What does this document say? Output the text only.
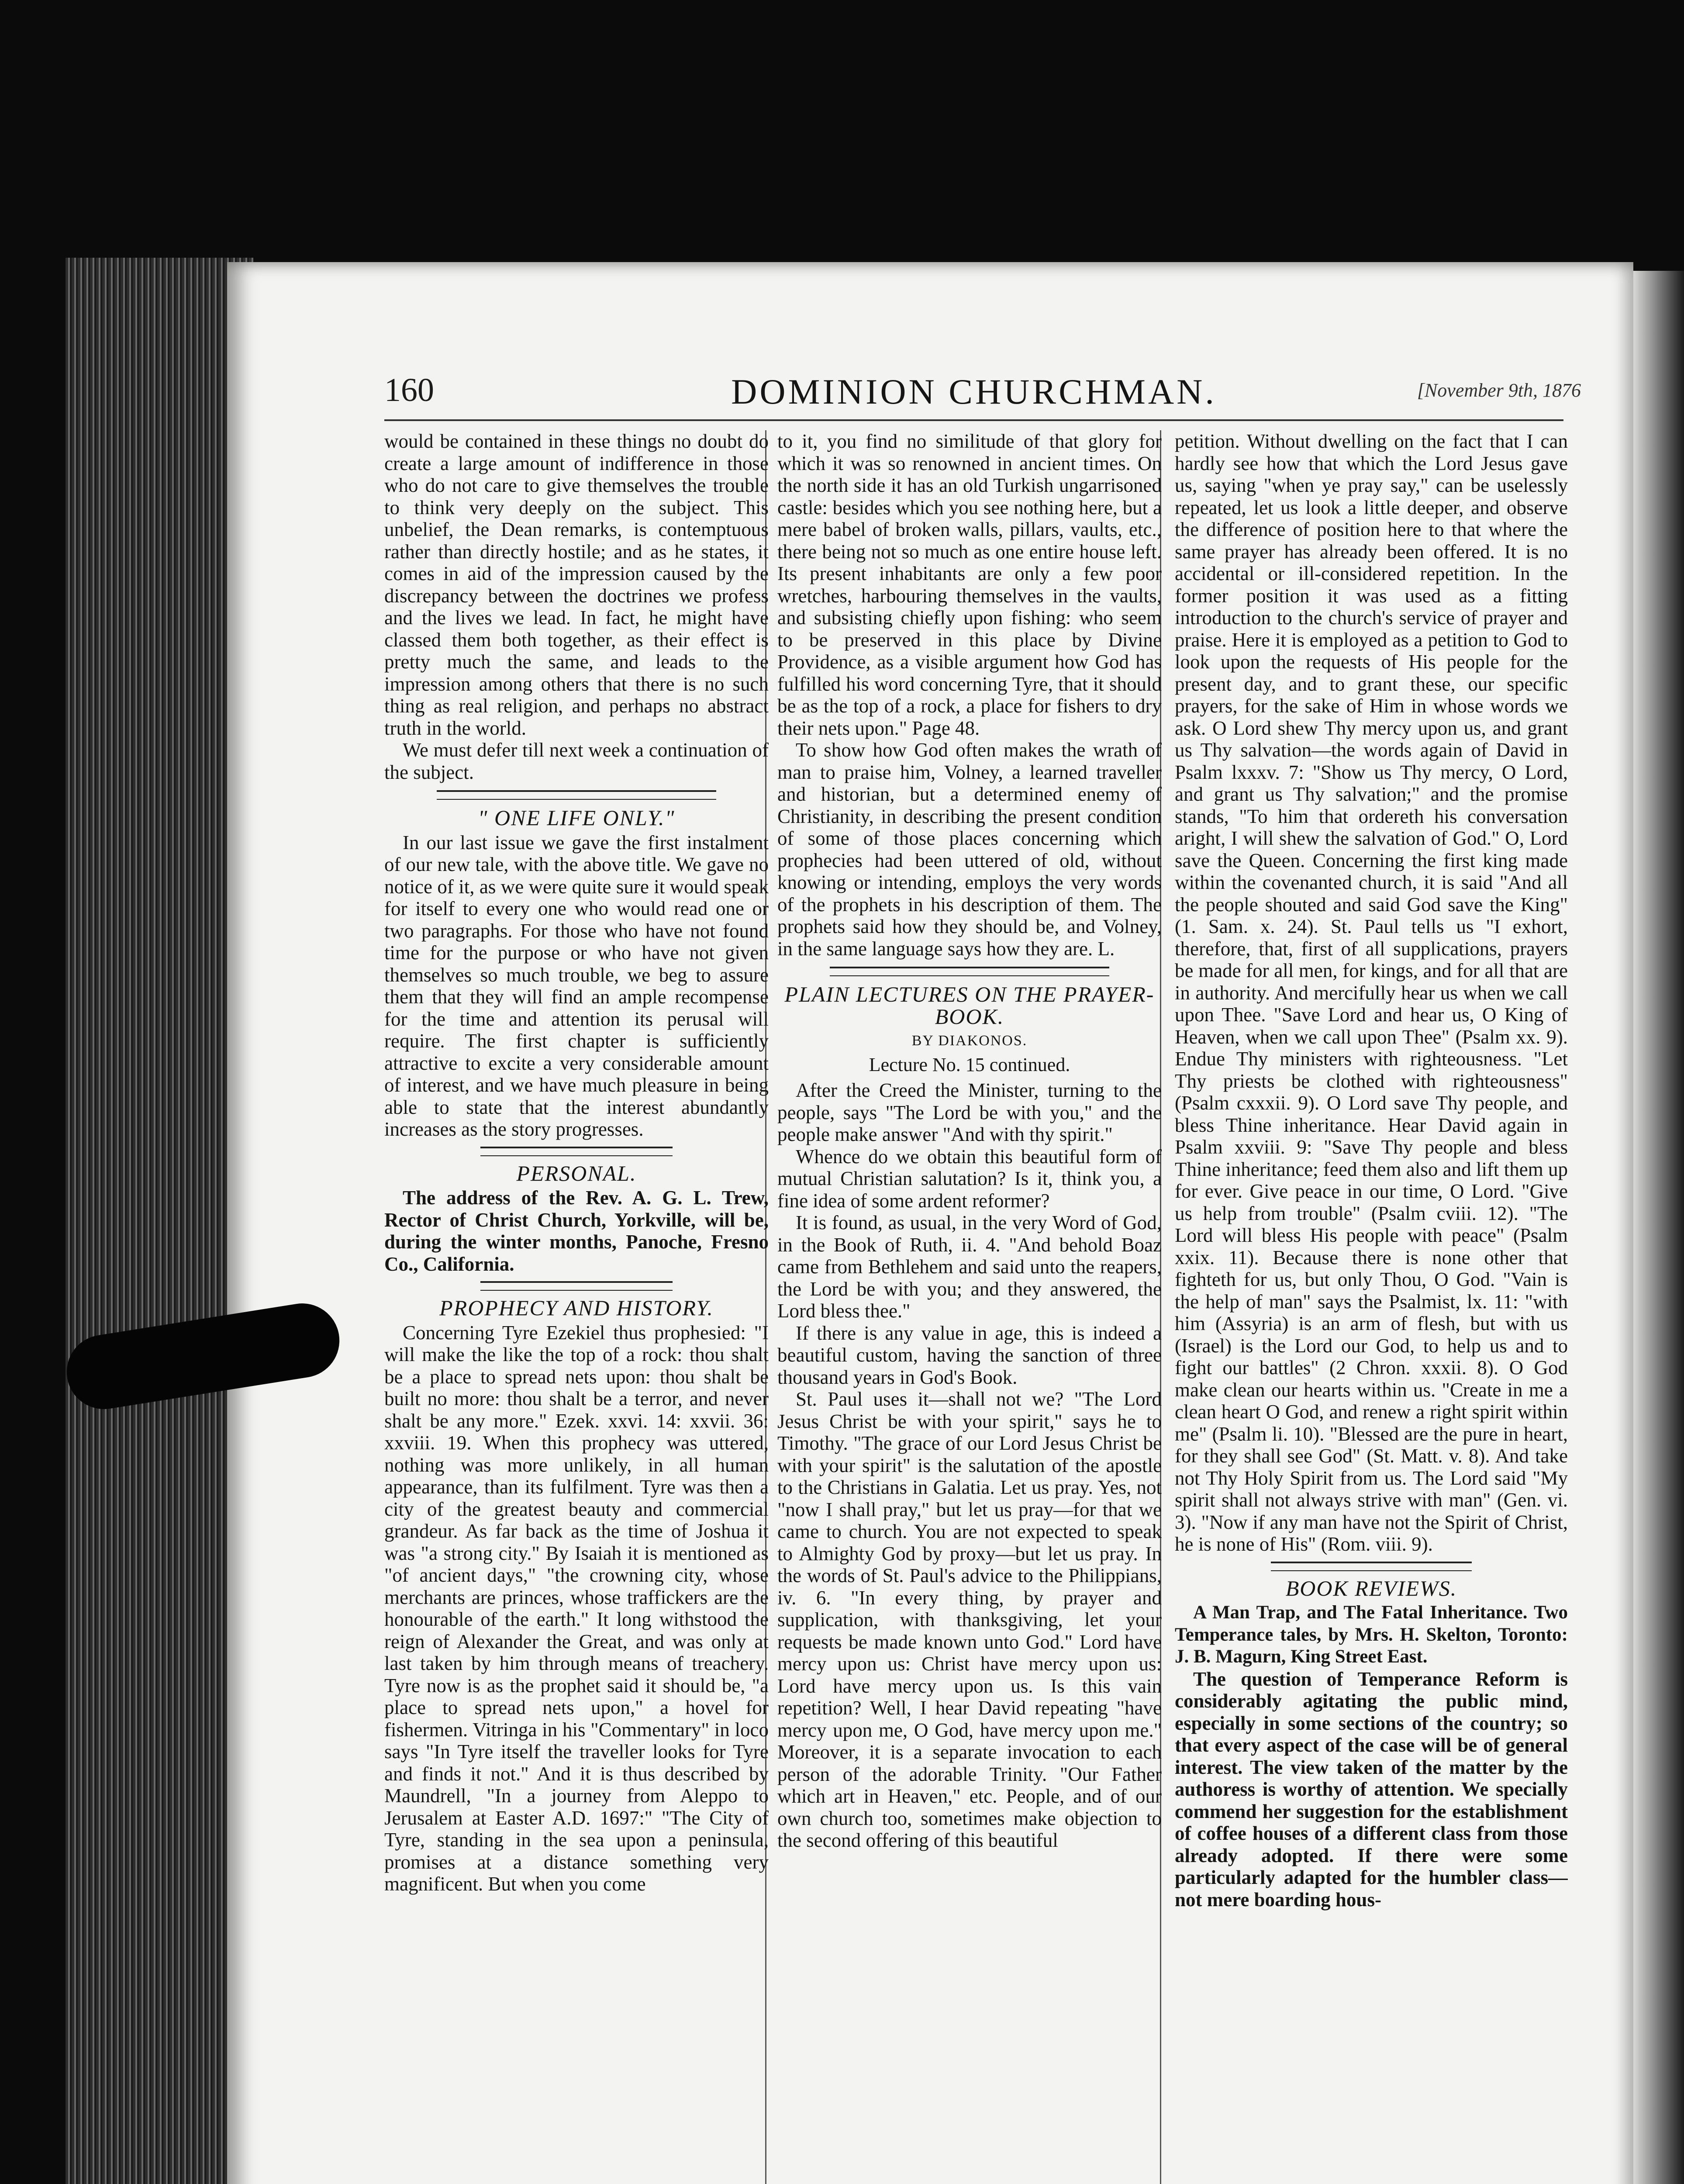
160	DOMINION CHURCHMAN.	[November 9th, 1876

would be contained in these things no doubt do create a large amount of indifference in those who do not care to give themselves the trouble to think very deeply on the subject. This unbelief, the Dean remarks, is contemptuous rather than directly hostile; and as he states, it comes in aid of the impression caused by the discrepancy between the doctrines we profess and the lives we lead. In fact, he might have classed them both together, as their effect is pretty much the same, and leads to the impression among others that there is no such thing as real religion, and perhaps no abstract truth in the world.

We must defer till next week a continuation of the subject.

" ONE LIFE ONLY."

In our last issue we gave the first instalment of our new tale, with the above title. We gave no notice of it, as we were quite sure it would speak for itself to every one who would read one or two paragraphs. For those who have not found time for the purpose or who have not given themselves so much trouble, we beg to assure them that they will find an ample recompense for the time and attention its perusal will require. The first chapter is sufficiently attractive to excite a very considerable amount of interest, and we have much pleasure in being able to state that the interest abundantly increases as the story progresses.

PERSONAL.

The address of the Rev. A. G. L. Trew, Rector of Christ Church, Yorkville, will be, during the winter months, Panoche, Fresno Co., California.

PROPHECY AND HISTORY.

Concerning Tyre Ezekiel thus prophesied: "I will make the like the top of a rock: thou shalt be a place to spread nets upon: thou shalt be built no more: thou shalt be a terror, and never shalt be any more." Ezek. xxvi. 14: xxvii. 36: xxviii. 19. When this prophecy was uttered, nothing was more unlikely, in all human appearance, than its fulfilment. Tyre was then a city of the greatest beauty and commercial grandeur. As far back as the time of Joshua it was "a strong city." By Isaiah it is mentioned as "of ancient days," "the crowning city, whose merchants are princes, whose traffickers are the honourable of the earth." It long withstood the reign of Alexander the Great, and was only at last taken by him through means of treachery. Tyre now is as the prophet said it should be, "a place to spread nets upon," a hovel for fishermen. Vitringa in his "Commentary" in loco says "In Tyre itself the traveller looks for Tyre and finds it not." And it is thus described by Maundrell, "In a journey from Aleppo to Jerusalem at Easter A.D. 1697:" "The City of Tyre, standing in the sea upon a peninsula, promises at a distance something very magnificent. But when you come

to it, you find no similitude of that glory for which it was so renowned in ancient times. On the north side it has an old Turkish ungarrisoned castle: besides which you see nothing here, but a mere babel of broken walls, pillars, vaults, etc., there being not so much as one entire house left. Its present inhabitants are only a few poor wretches, harbouring themselves in the vaults, and subsisting chiefly upon fishing: who seem to be preserved in this place by Divine Providence, as a visible argument how God has fulfilled his word concerning Tyre, that it should be as the top of a rock, a place for fishers to dry their nets upon." Page 48.

To show how God often makes the wrath of man to praise him, Volney, a learned traveller and historian, but a determined enemy of Christianity, in describing the present condition of some of those places concerning which prophecies had been uttered of old, without knowing or intending, employs the very words of the prophets in his description of them. The prophets said how they should be, and Volney, in the same language says how they are. L.

PLAIN LECTURES ON THE PRAYER-BOOK.
BY DIAKONOS.
Lecture No. 15 continued.

After the Creed the Minister, turning to the people, says "The Lord be with you," and the people make answer "And with thy spirit."

Whence do we obtain this beautiful form of mutual Christian salutation? Is it, think you, a fine idea of some ardent reformer?

It is found, as usual, in the very Word of God, in the Book of Ruth, ii. 4. "And behold Boaz came from Bethlehem and said unto the reapers, the Lord be with you; and they answered, the Lord bless thee."

If there is any value in age, this is indeed a beautiful custom, having the sanction of three thousand years in God's Book.

St. Paul uses it—shall not we? "The Lord Jesus Christ be with your spirit," says he to Timothy. "The grace of our Lord Jesus Christ be with your spirit" is the salutation of the apostle to the Christians in Galatia. Let us pray. Yes, not "now I shall pray," but let us pray—for that we came to church. You are not expected to speak to Almighty God by proxy—but let us pray. In the words of St. Paul's advice to the Philippians, iv. 6. "In every thing, by prayer and supplication, with thanksgiving, let your requests be made known unto God." Lord have mercy upon us: Christ have mercy upon us: Lord have mercy upon us. Is this vain repetition? Well, I hear David repeating "have mercy upon me, O God, have mercy upon me." Moreover, it is a separate invocation to each person of the adorable Trinity. "Our Father which art in Heaven," etc. People, and of our own church too, sometimes make objection to the second offering of this beautiful

petition. Without dwelling on the fact that I can hardly see how that which the Lord Jesus gave us, saying "when ye pray say," can be uselessly repeated, let us look a little deeper, and observe the difference of position here to that where the same prayer has already been offered. It is no accidental or ill-considered repetition. In the former position it was used as a fitting introduction to the church's service of prayer and praise. Here it is employed as a petition to God to look upon the requests of His people for the present day, and to grant these, our specific prayers, for the sake of Him in whose words we ask. O Lord shew Thy mercy upon us, and grant us Thy salvation—the words again of David in Psalm lxxxv. 7: "Show us Thy mercy, O Lord, and grant us Thy salvation;" and the promise stands, "To him that ordereth his conversation aright, I will shew the salvation of God." O, Lord save the Queen. Concerning the first king made within the covenanted church, it is said "And all the people shouted and said God save the King" (1. Sam. x. 24). St. Paul tells us "I exhort, therefore, that, first of all supplications, prayers be made for all men, for kings, and for all that are in authority. And mercifully hear us when we call upon Thee. "Save Lord and hear us, O King of Heaven, when we call upon Thee" (Psalm xx. 9). Endue Thy ministers with righteousness. "Let Thy priests be clothed with righteousness" (Psalm cxxxii. 9). O Lord save Thy people, and bless Thine inheritance. Hear David again in Psalm xxviii. 9: "Save Thy people and bless Thine inheritance; feed them also and lift them up for ever. Give peace in our time, O Lord. "Give us help from trouble" (Psalm cviii. 12). "The Lord will bless His people with peace" (Psalm xxix. 11). Because there is none other that fighteth for us, but only Thou, O God. "Vain is the help of man" says the Psalmist, lx. 11: "with him (Assyria) is an arm of flesh, but with us (Israel) is the Lord our God, to help us and to fight our battles" (2 Chron. xxxii. 8). O God make clean our hearts within us. "Create in me a clean heart O God, and renew a right spirit within me" (Psalm li. 10). "Blessed are the pure in heart, for they shall see God" (St. Matt. v. 8). And take not Thy Holy Spirit from us. The Lord said "My spirit shall not always strive with man" (Gen. vi. 3). "Now if any man have not the Spirit of Christ, he is none of His" (Rom. viii. 9).

BOOK REVIEWS.

A Man Trap, and The Fatal Inheritance. Two Temperance tales, by Mrs. H. Skelton, Toronto: J. B. Magurn, King Street East.

The question of Temperance Reform is considerably agitating the public mind, especially in some sections of the country; so that every aspect of the case will be of general interest. The view taken of the matter by the authoress is worthy of attention. We specially commend her suggestion for the establishment of coffee houses of a different class from those already adopted. If there were some particularly adapted for the humbler class—not mere boarding hous-
